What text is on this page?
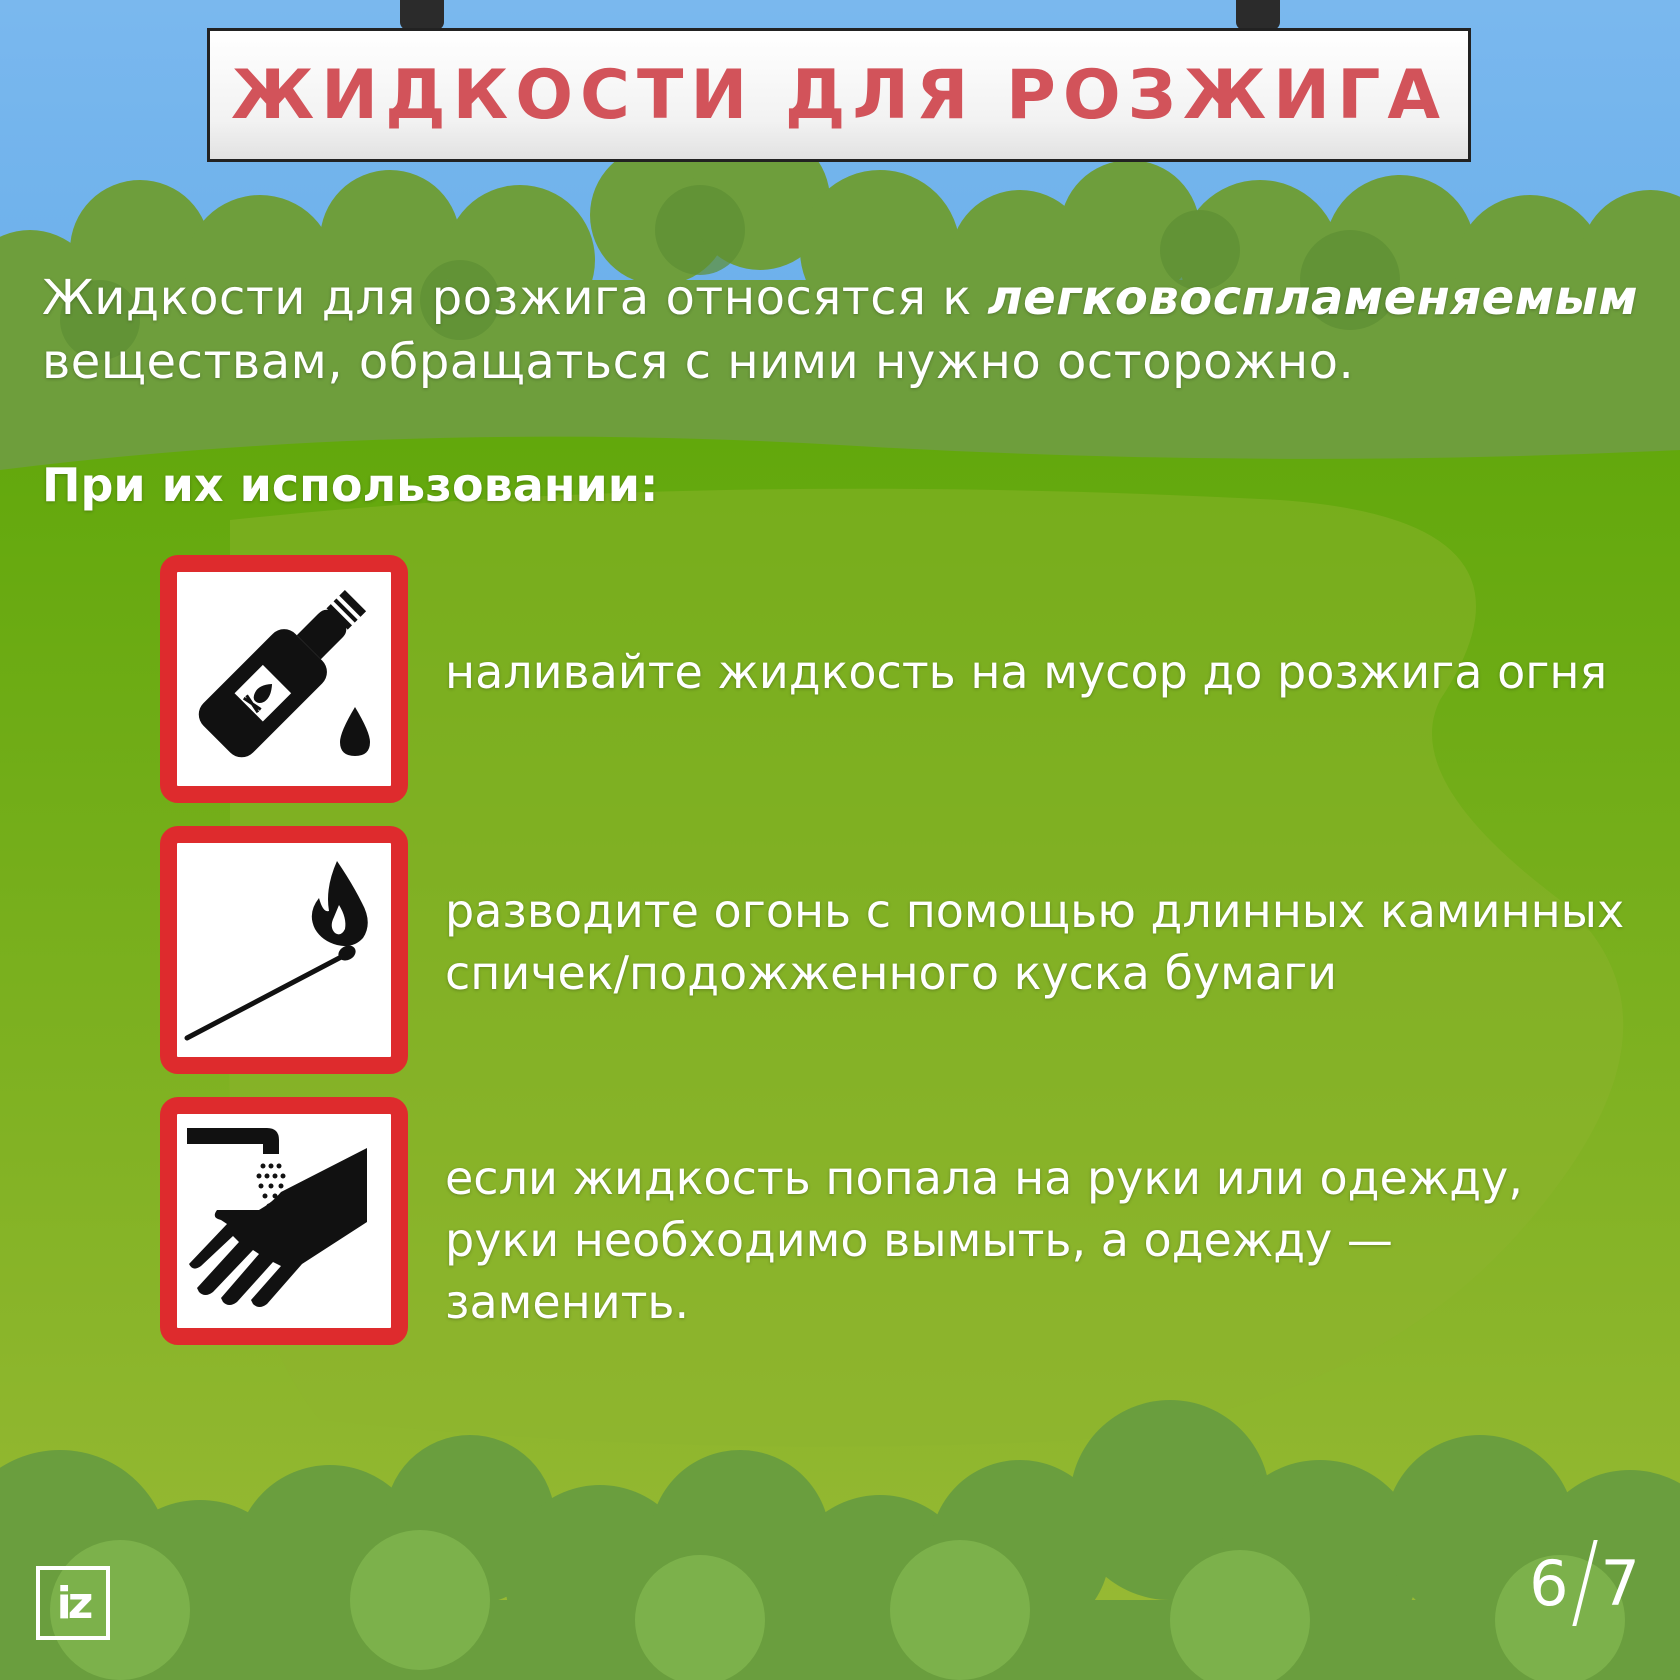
ЖИДКОСТИ ДЛЯ РОЗЖИГА
Жидкости для розжига относятся к легковоспламеняемым веществам, обращаться с ними нужно осторожно.
При их использовании:
наливайте жидкость на мусор до розжига огня
разводите огонь с помощью длинных каминных спичек/подожженного куска бумаги
если жидкость попала на руки или одежду, руки необходимо вымыть, а одежду — заменить.
iz	6 7
